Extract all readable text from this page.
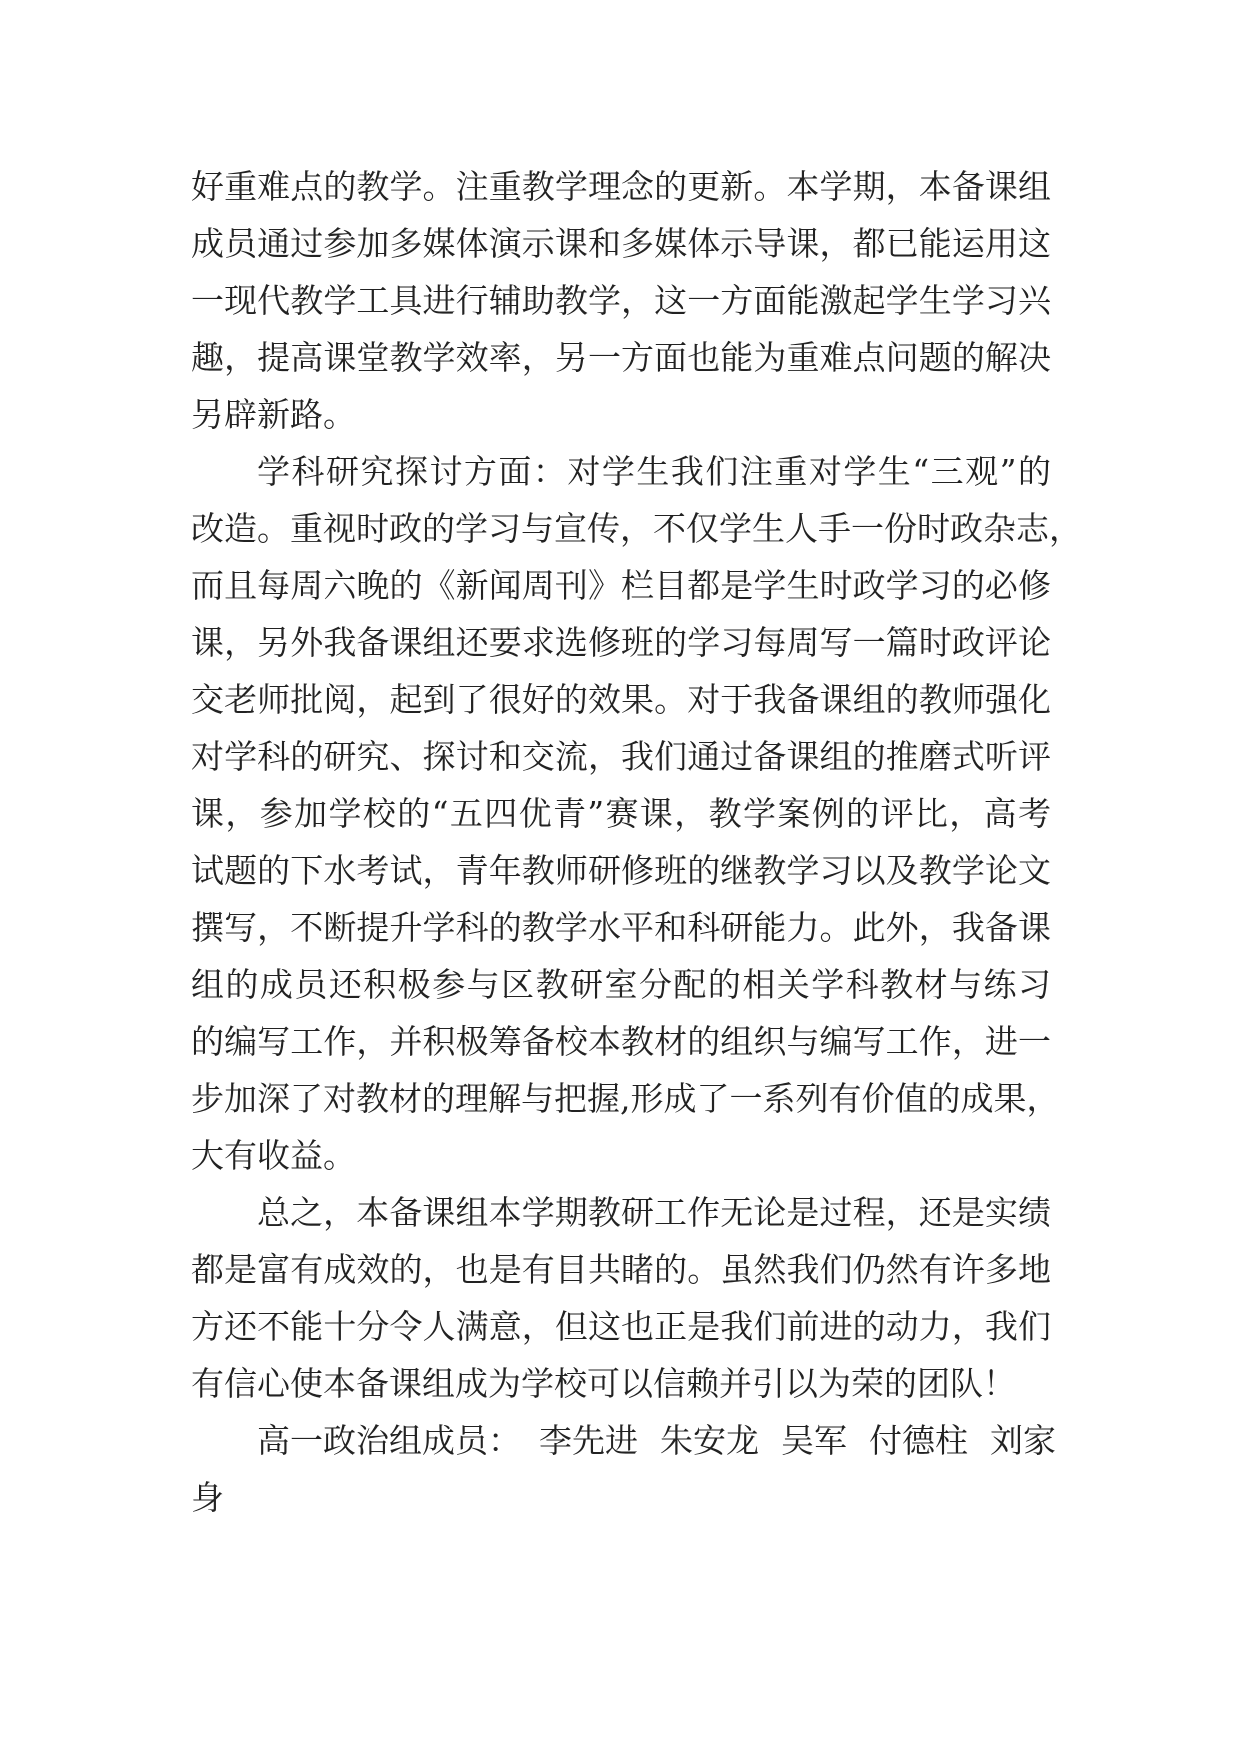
好重难点的教学。注重教学理念的更新。本学期，本备课组
成员通过参加多媒体演示课和多媒体示导课，都已能运用这
一现代教学工具进行辅助教学，这一方面能激起学生学习兴
趣，提高课堂教学效率，另一方面也能为重难点问题的解决
另辟新路。
学科研究探讨方面：对学生我们注重对学生“三观”的
改造。重视时政的学习与宣传，不仅学生人手一份时政杂志，
而且每周六晚的《新闻周刊》栏目都是学生时政学习的必修
课，另外我备课组还要求选修班的学习每周写一篇时政评论
交老师批阅，起到了很好的效果。对于我备课组的教师强化
对学科的研究、探讨和交流，我们通过备课组的推磨式听评
课，参加学校的“五四优青”赛课，教学案例的评比，高考
试题的下水考试，青年教师研修班的继教学习以及教学论文
撰写，不断提升学科的教学水平和科研能力。此外，我备课
组的成员还积极参与区教研室分配的相关学科教材与练习
的编写工作，并积极筹备校本教材的组织与编写工作，进一
步加深了对教材的理解与把握,形成了一系列有价值的成果，
大有收益。
总之，本备课组本学期教研工作无论是过程，还是实绩
都是富有成效的，也是有目共睹的。虽然我们仍然有许多地
方还不能十分令人满意，但这也正是我们前进的动力，我们
有信心使本备课组成为学校可以信赖并引以为荣的团队！
高一政治组成员： 李先进 朱安龙 吴军 付德柱 刘家
身
